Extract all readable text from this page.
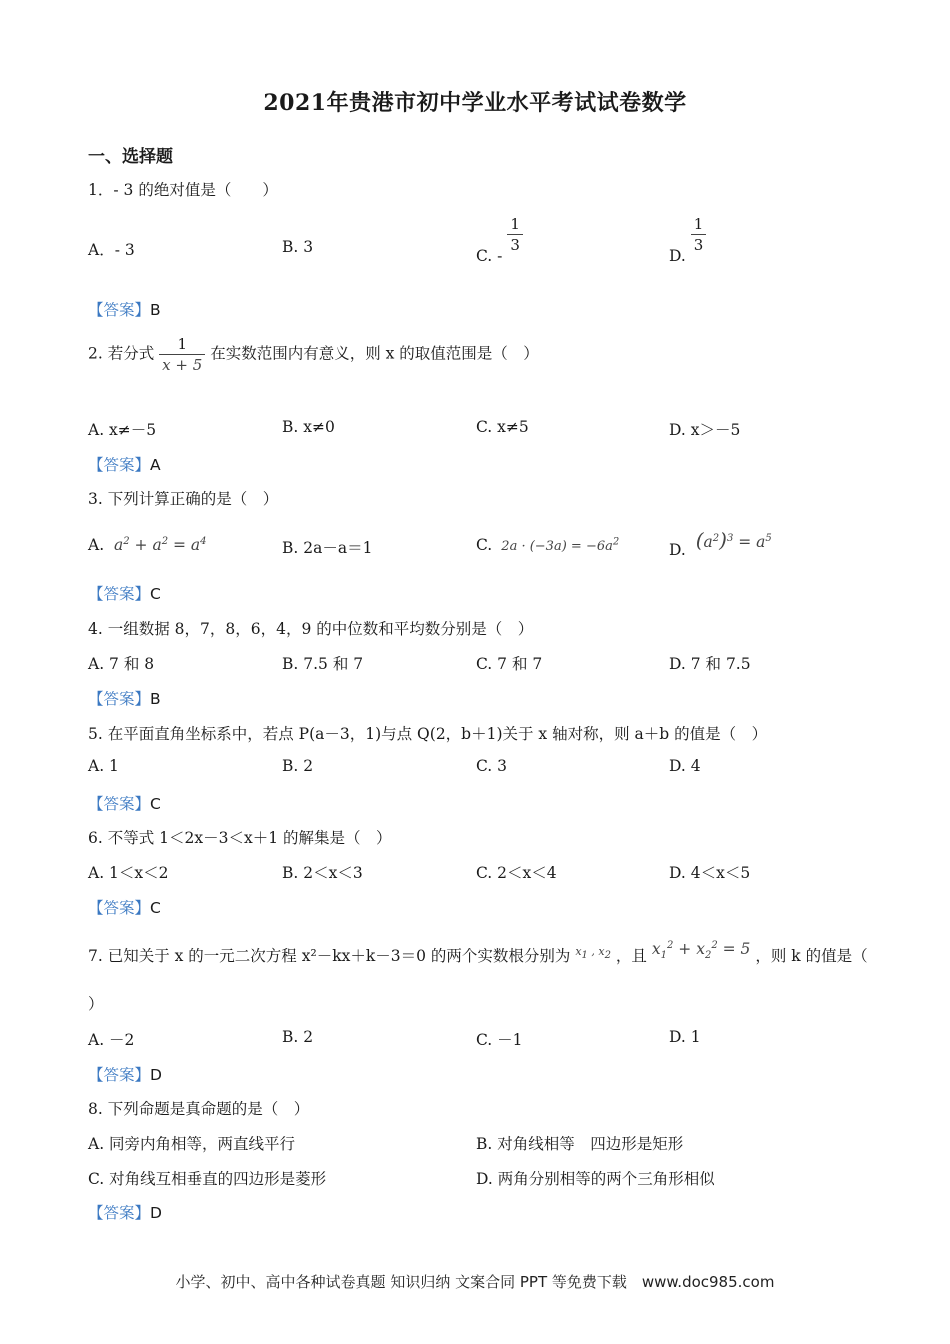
2021年贵港市初中学业水平考试试卷数学
一、选择题
1．- 3 的绝对值是（　　）
A．- 3	B. 3	C. -
$\frac{1}{3}$
D.
$\frac{1}{3}$
【答案】B
2. 若分式 $\frac{1}{x + 5}$ 在实数范围内有意义，则 x 的取值范围是（　）
A. x≠－5	B. x≠0	C. x≠5	D. x＞－5
【答案】A
3. 下列计算正确的是（　）
A.  $a^2 + a^2 = a^4$	B. 2a－a＝1	C.  $2a \cdot (-3a) = -6a^2$	D. $(a^2)^3 = a^5$
【答案】C
4. 一组数据 8，7，8，6，4，9 的中位数和平均数分别是（　）
A. 7 和 8	B. 7.5 和 7	C. 7 和 7	D. 7 和 7.5
【答案】B
5. 在平面直角坐标系中，若点 P(a－3，1)与点 Q(2，b＋1)关于 x 轴对称，则 a＋b 的值是（　）
A. 1	B. 2	C. 3	D. 4
【答案】C
6. 不等式 1＜2x－3＜x＋1 的解集是（　）
A. 1＜x＜2	B. 2＜x＜3	C. 2＜x＜4	D. 4＜x＜5
【答案】C
7. 已知关于 x 的一元二次方程 x²－kx＋k－3＝0 的两个实数根分别为 $^{x_1 , x_2}$ ，且 $x_1^2 + x_2^2 = 5$ ，则 k 的值是（
）
A. －2	B. 2	C. －1	D. 1
【答案】D
8. 下列命题是真命题的是（　）
A. 同旁内角相等，两直线平行	B. 对角线相等　四边形是矩形
C. 对角线互相垂直的四边形是菱形	D. 两角分别相等的两个三角形相似
【答案】D
小学、初中、高中各种试卷真题 知识归纳 文案合同 PPT 等免费下载　www.doc985.com
